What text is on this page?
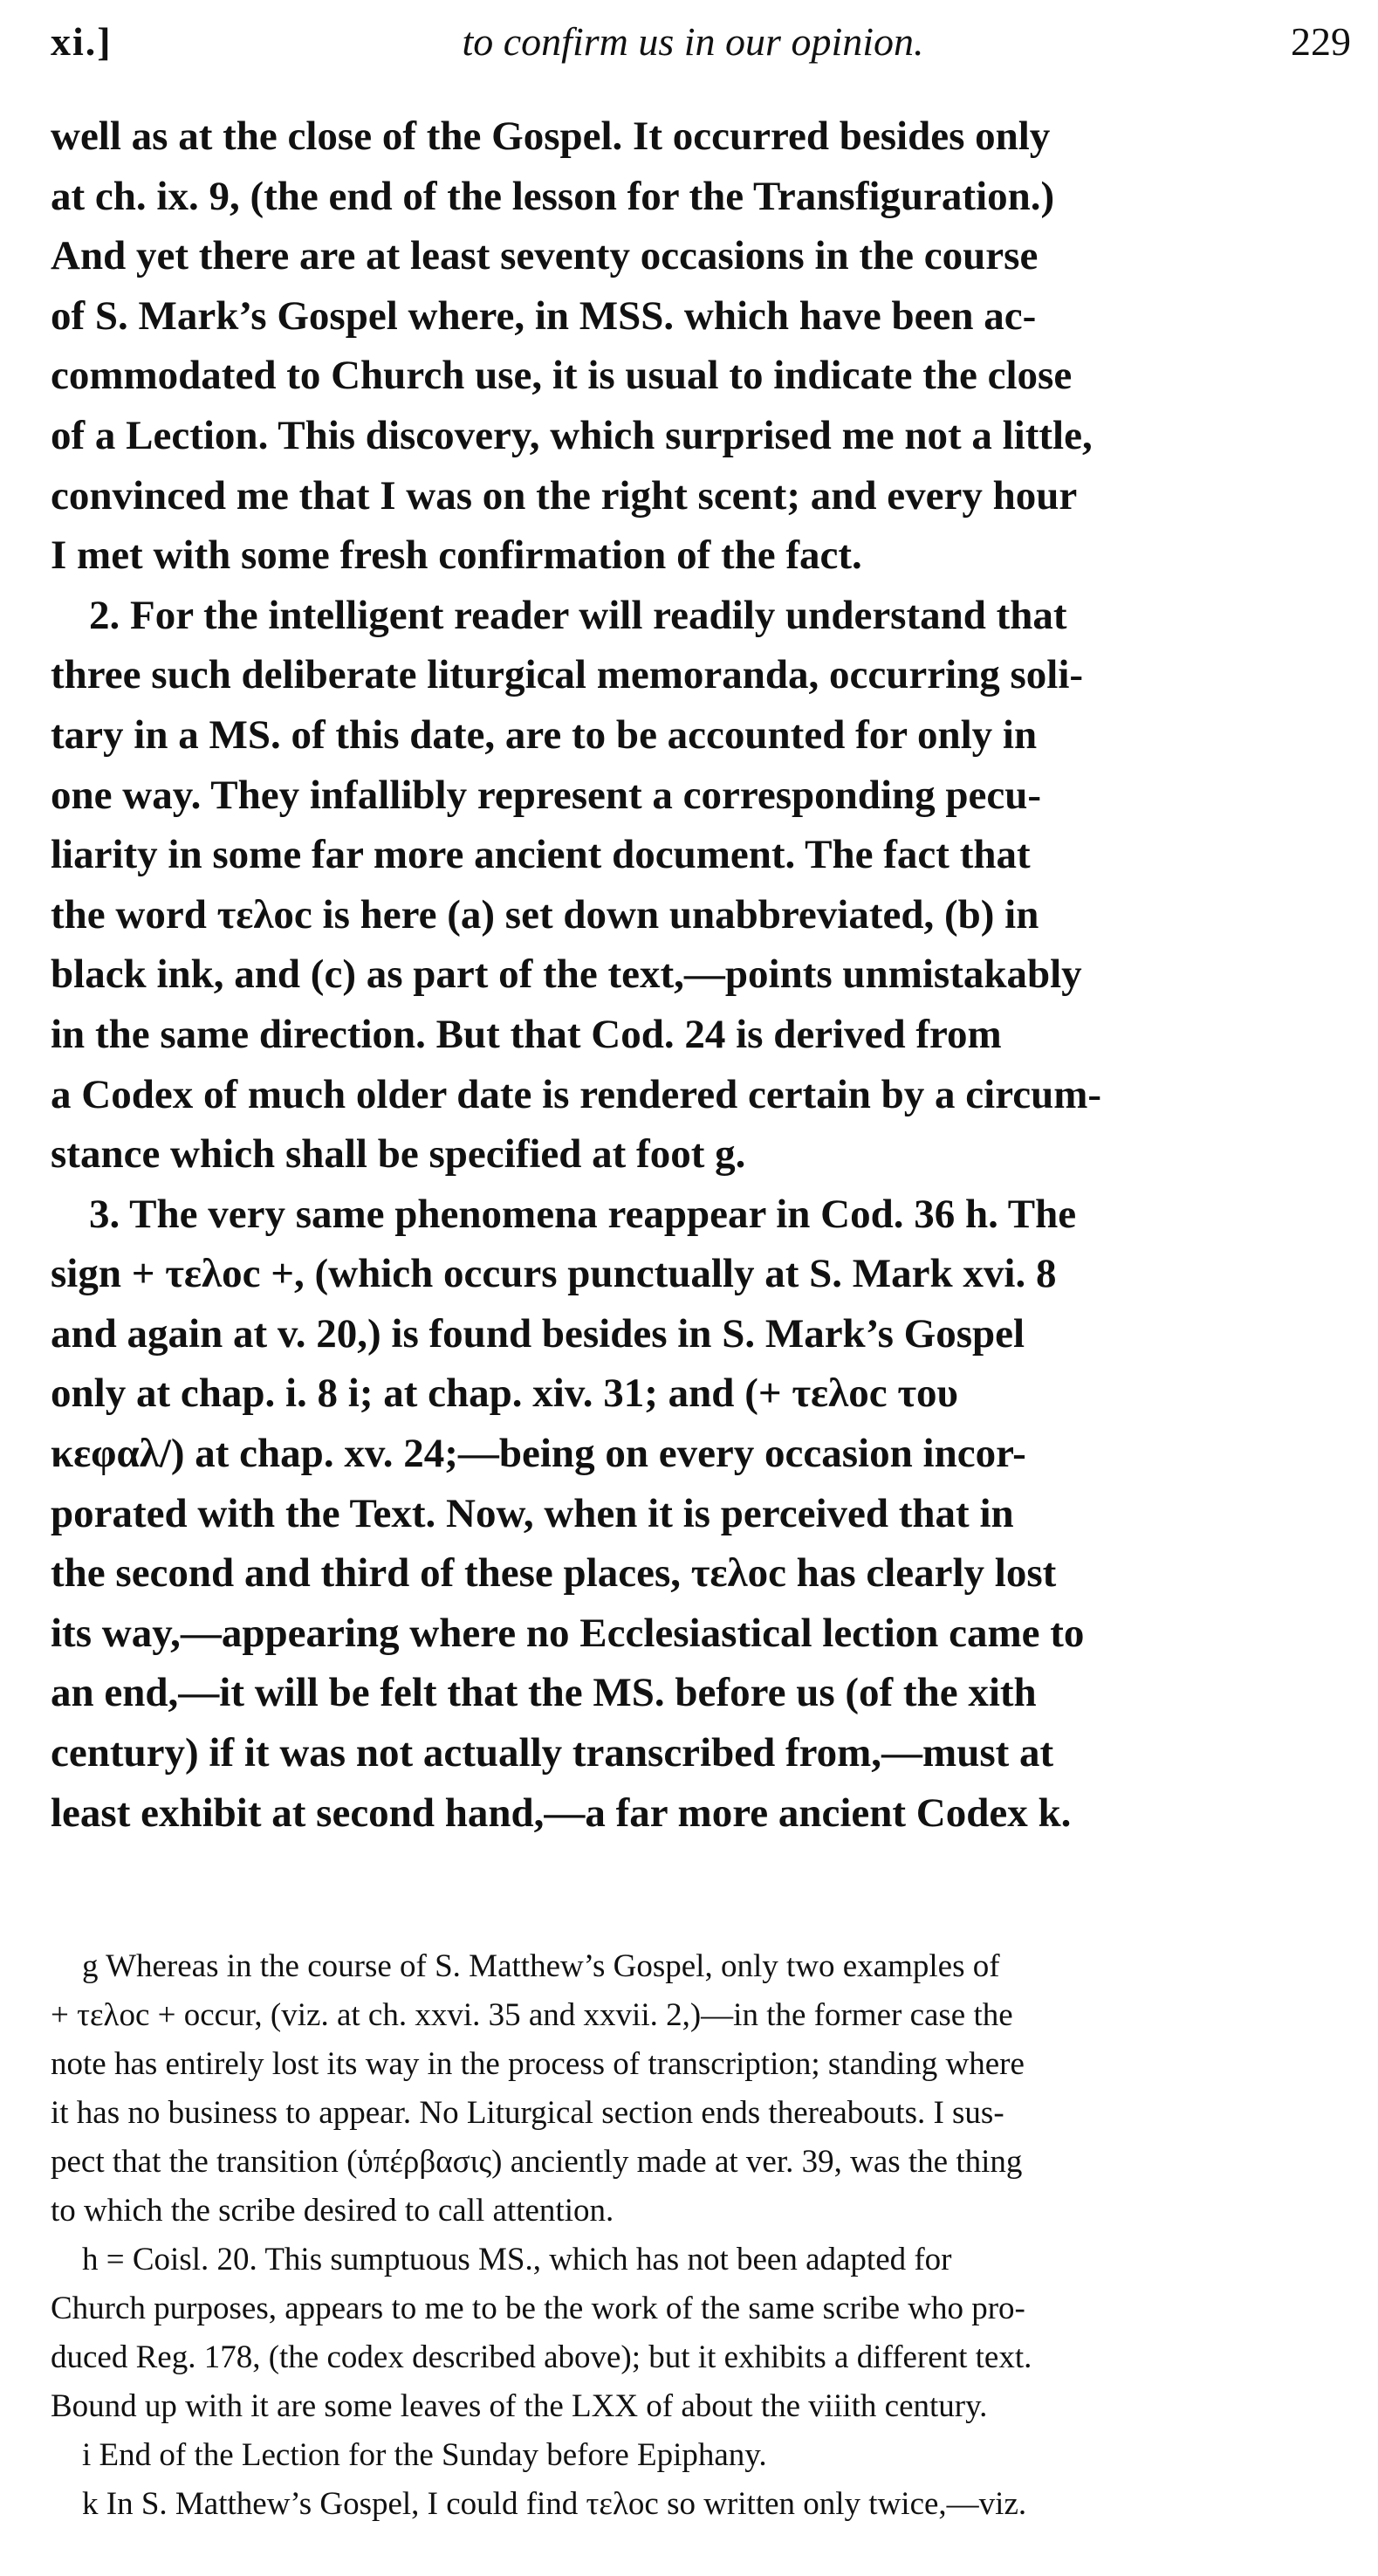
xi.]	to confirm us in our opinion.	229
well as at the close of the Gospel. It occurred besides only
at ch. ix. 9, (the end of the lesson for the Transfiguration.)
And yet there are at least seventy occasions in the course
of S. Mark’s Gospel where, in MSS. which have been ac-
commodated to Church use, it is usual to indicate the close
of a Lection. This discovery, which surprised me not a little,
convinced me that I was on the right scent; and every hour
I met with some fresh confirmation of the fact.
2. For the intelligent reader will readily understand that
three such deliberate liturgical memoranda, occurring soli-
tary in a MS. of this date, are to be accounted for only in
one way. They infallibly represent a corresponding pecu-
liarity in some far more ancient document. The fact that
the word τελοc is here (a) set down unabbreviated, (b) in
black ink, and (c) as part of the text,—points unmistakably
in the same direction. But that Cod. 24 is derived from
a Codex of much older date is rendered certain by a circum-
stance which shall be specified at foot g.
3. The very same phenomena reappear in Cod. 36 h. The
sign + τελοc +, (which occurs punctually at S. Mark xvi. 8
and again at v. 20,) is found besides in S. Mark’s Gospel
only at chap. i. 8 i; at chap. xiv. 31; and (+ τελοc του
κεφαλ/) at chap. xv. 24;—being on every occasion incor-
porated with the Text. Now, when it is perceived that in
the second and third of these places, τελοc has clearly lost
its way,—appearing where no Ecclesiastical lection came to
an end,—it will be felt that the MS. before us (of the xith
century) if it was not actually transcribed from,—must at
least exhibit at second hand,—a far more ancient Codex k.
g Whereas in the course of S. Matthew’s Gospel, only two examples of
+ τελοc + occur, (viz. at ch. xxvi. 35 and xxvii. 2,)—in the former case the
note has entirely lost its way in the process of transcription; standing where
it has no business to appear. No Liturgical section ends thereabouts. I sus-
pect that the transition (ὑπέρβασις) anciently made at ver. 39, was the thing
to which the scribe desired to call attention.
h = Coisl. 20. This sumptuous MS., which has not been adapted for
Church purposes, appears to me to be the work of the same scribe who pro-
duced Reg. 178, (the codex described above); but it exhibits a different text.
Bound up with it are some leaves of the LXX of about the viiith century.
i End of the Lection for the Sunday before Epiphany.
k In S. Matthew’s Gospel, I could find τελοc so written only twice,—viz.
